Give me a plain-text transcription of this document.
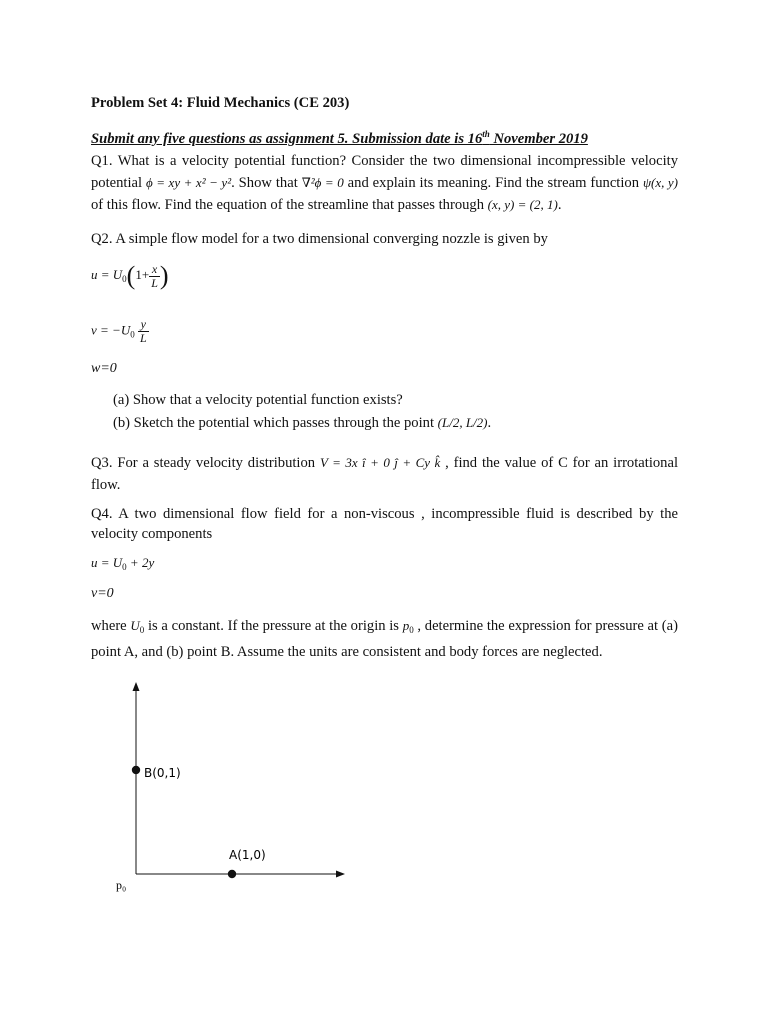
Problem Set 4: Fluid Mechanics (CE 203)
Submit any five questions as assignment 5. Submission date is 16th November 2019
Q1. What is a velocity potential function? Consider the two dimensional incompressible velocity potential ϕ = xy + x² − y². Show that ∇²ϕ = 0 and explain its meaning. Find the stream function ψ(x, y) of this flow. Find the equation of the streamline that passes through (x, y) = (2, 1).
Q2. A simple flow model for a two dimensional converging nozzle is given by
$u = U_0(1+ \frac{x}{L}$ )
$v = -U_0 \frac{y}{L}$
w=0
(a) Show that a velocity potential function exists?
(b) Sketch the potential which passes through the point (L/2, L/2).
Q3. For a steady velocity distribution V = 3x î + 0 ĵ + Cy k̂ , find the value of C for an irrotational flow.
Q4. A two dimensional flow field for a non-viscous , incompressible fluid is described by the velocity components
$u = U_0 + 2y$
v=0
where $U_0$ is a constant. If the pressure at the origin is $p_0$ , determine the expression for pressure at (a) point A, and (b) point B. Assume the units are consistent and body forces are neglected.
B(0,1)
A(1,0)
p₀
